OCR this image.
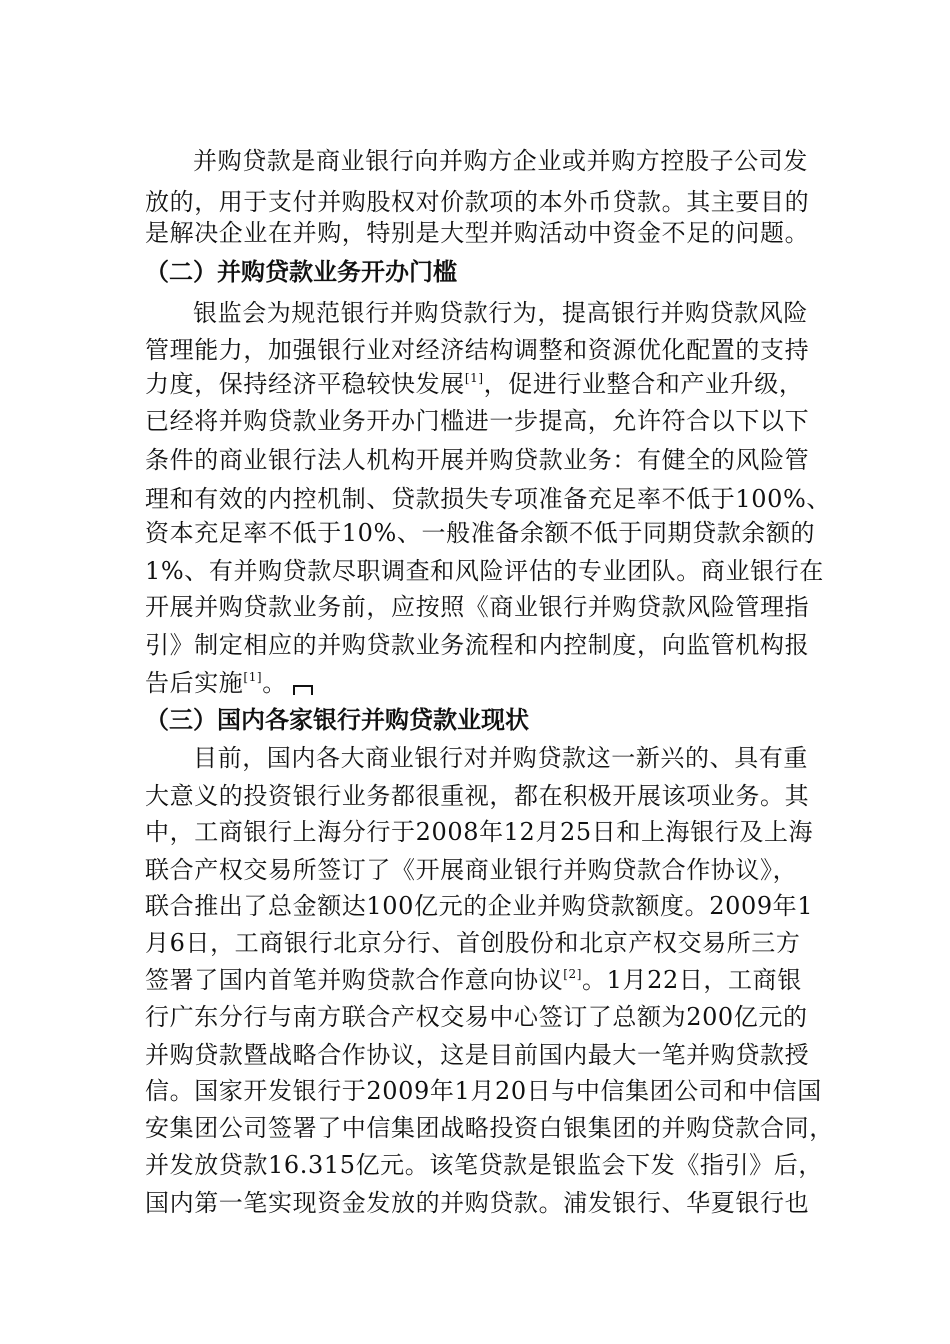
并购贷款是商业银行向并购方企业或并购方控股子公司发
放的，用于支付并购股权对价款项的本外币贷款。其主要目的
是解决企业在并购，特别是大型并购活动中资金不足的问题。
（二）并购贷款业务开办门槛
银监会为规范银行并购贷款行为，提高银行并购贷款风险
管理能力，加强银行业对经济结构调整和资源优化配置的支持
力度，保持经济平稳较快发展[1]，促进行业整合和产业升级，
已经将并购贷款业务开办门槛进一步提高，允许符合以下以下
条件的商业银行法人机构开展并购贷款业务：有健全的风险管
理和有效的内控机制、贷款损失专项准备充足率不低于100%、
资本充足率不低于10%、一般准备余额不低于同期贷款余额的
1%、有并购贷款尽职调查和风险评估的专业团队。商业银行在
开展并购贷款业务前，应按照《商业银行并购贷款风险管理指
引》制定相应的并购贷款业务流程和内控制度，向监管机构报
告后实施[1]。
（三）国内各家银行并购贷款业现状
目前，国内各大商业银行对并购贷款这一新兴的、具有重
大意义的投资银行业务都很重视，都在积极开展该项业务。其
中，工商银行上海分行于2008年12月25日和上海银行及上海
联合产权交易所签订了《开展商业银行并购贷款合作协议》，
联合推出了总金额达100亿元的企业并购贷款额度。2009年1
月6日，工商银行北京分行、首创股份和北京产权交易所三方
签署了国内首笔并购贷款合作意向协议[2]。1月22日，工商银
行广东分行与南方联合产权交易中心签订了总额为200亿元的
并购贷款暨战略合作协议，这是目前国内最大一笔并购贷款授
信。国家开发银行于2009年1月20日与中信集团公司和中信国
安集团公司签署了中信集团战略投资白银集团的并购贷款合同，
并发放贷款16.315亿元。该笔贷款是银监会下发《指引》后，
国内第一笔实现资金发放的并购贷款。浦发银行、华夏银行也
